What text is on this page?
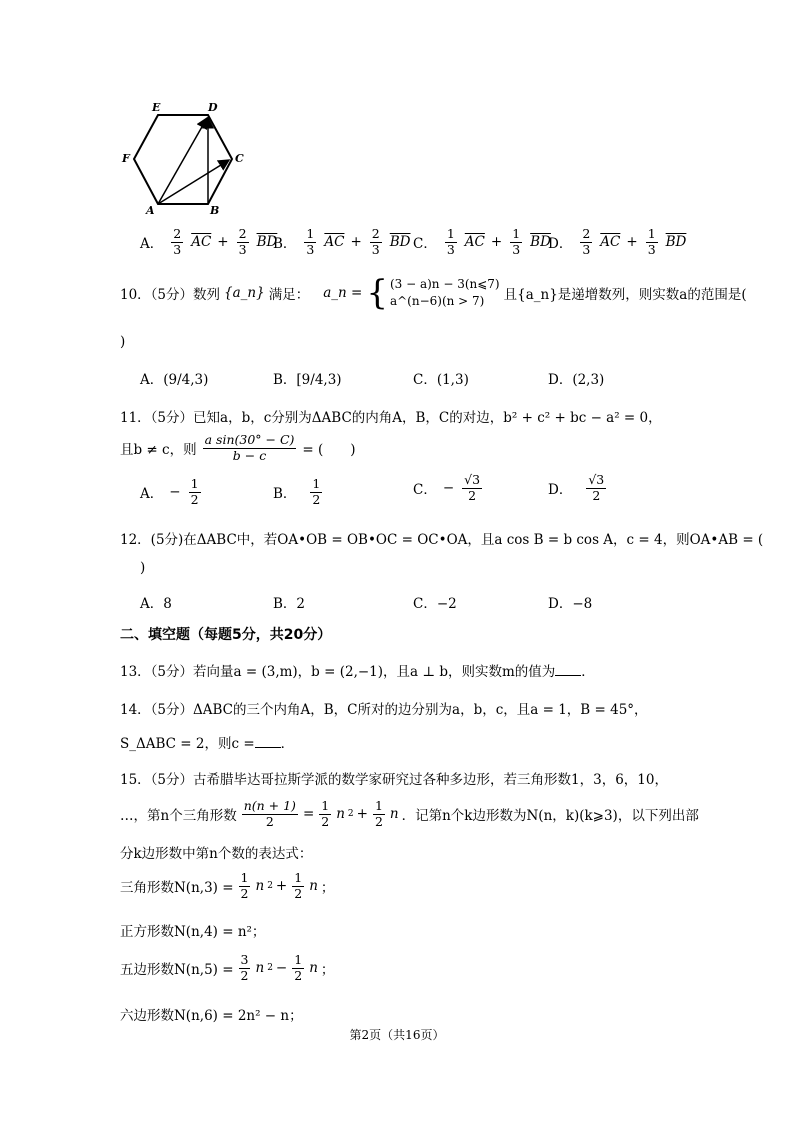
E	D
F	C
A	B
A． $\frac{2}{3} \overline{AC} + \frac{2}{3} \overline{BD}$
B． $\frac{1}{3} \overline{AC} + \frac{2}{3} \overline{BD}$ C． $\frac{1}{3} \overline{AC} + \frac{1}{3} \overline{BD}$
D． $\frac{2}{3} \overline{AC} + \frac{1}{3} \overline{BD}$
10．（5分）数列 {a_n} 满足： a_n = { (3 − a)n − 3(n⩽7)
a^(n−6)(n > 7)	且{a_n}是递增数列，则实数a的范围是(
)
A．(9/4,3)	B．[9/4,3)	C．(1,3)	D．(2,3)
11．（5分）已知a，b，c分别为ΔABC的内角A，B，C的对边，b² + c² + bc − a² = 0，
且b ≠ c，则 $\frac{\text{a sin(30° − C)}}{b - c}$ = (　　)
A． − $\frac{1}{2}$	B． $\frac{1}{2}$	C． − $\frac{√3}{2}$	D． $\frac{√3}{2}$
12．(5分)在ΔABC中，若OA•OB = OB•OC = OC•OA，且a cos B = b cos A，c = 4，则OA•AB = (
)
A．8	B．2	C．−2	D．−8
二、填空题（每题5分，共20分）
13．（5分）若向量a = (3,m)，b = (2,−1)，且a ⊥ b，则实数m的值为 ．
14．（5分）ΔABC的三个内角A，B，C所对的边分别为a，b，c，且a = 1，B = 45°，
S_ΔABC = 2，则c = ．
15．（5分）古希腊毕达哥拉斯学派的数学家研究过各种多边形，若三角形数1，3，6，10，
…，第n个三角形数 $\frac{n(n + 1)}{2} = \frac{1}{2}$ n $2 + \frac{1}{2}$ n ．记第n个k边形数为N(n，k)(k⩾3)，以下列出部
分k边形数中第n个数的表达式：
三角形数$N(n,3) = \frac{1}{2}$ n $2 + \frac{1}{2}$ n ；
正方形数N(n,4) = n²；
五边形数$N(n,5) = \frac{3}{2}$ n $2 - \frac{1}{2}$ n ；
六边形数N(n,6) = 2n² − n；
第2页（共16页）
